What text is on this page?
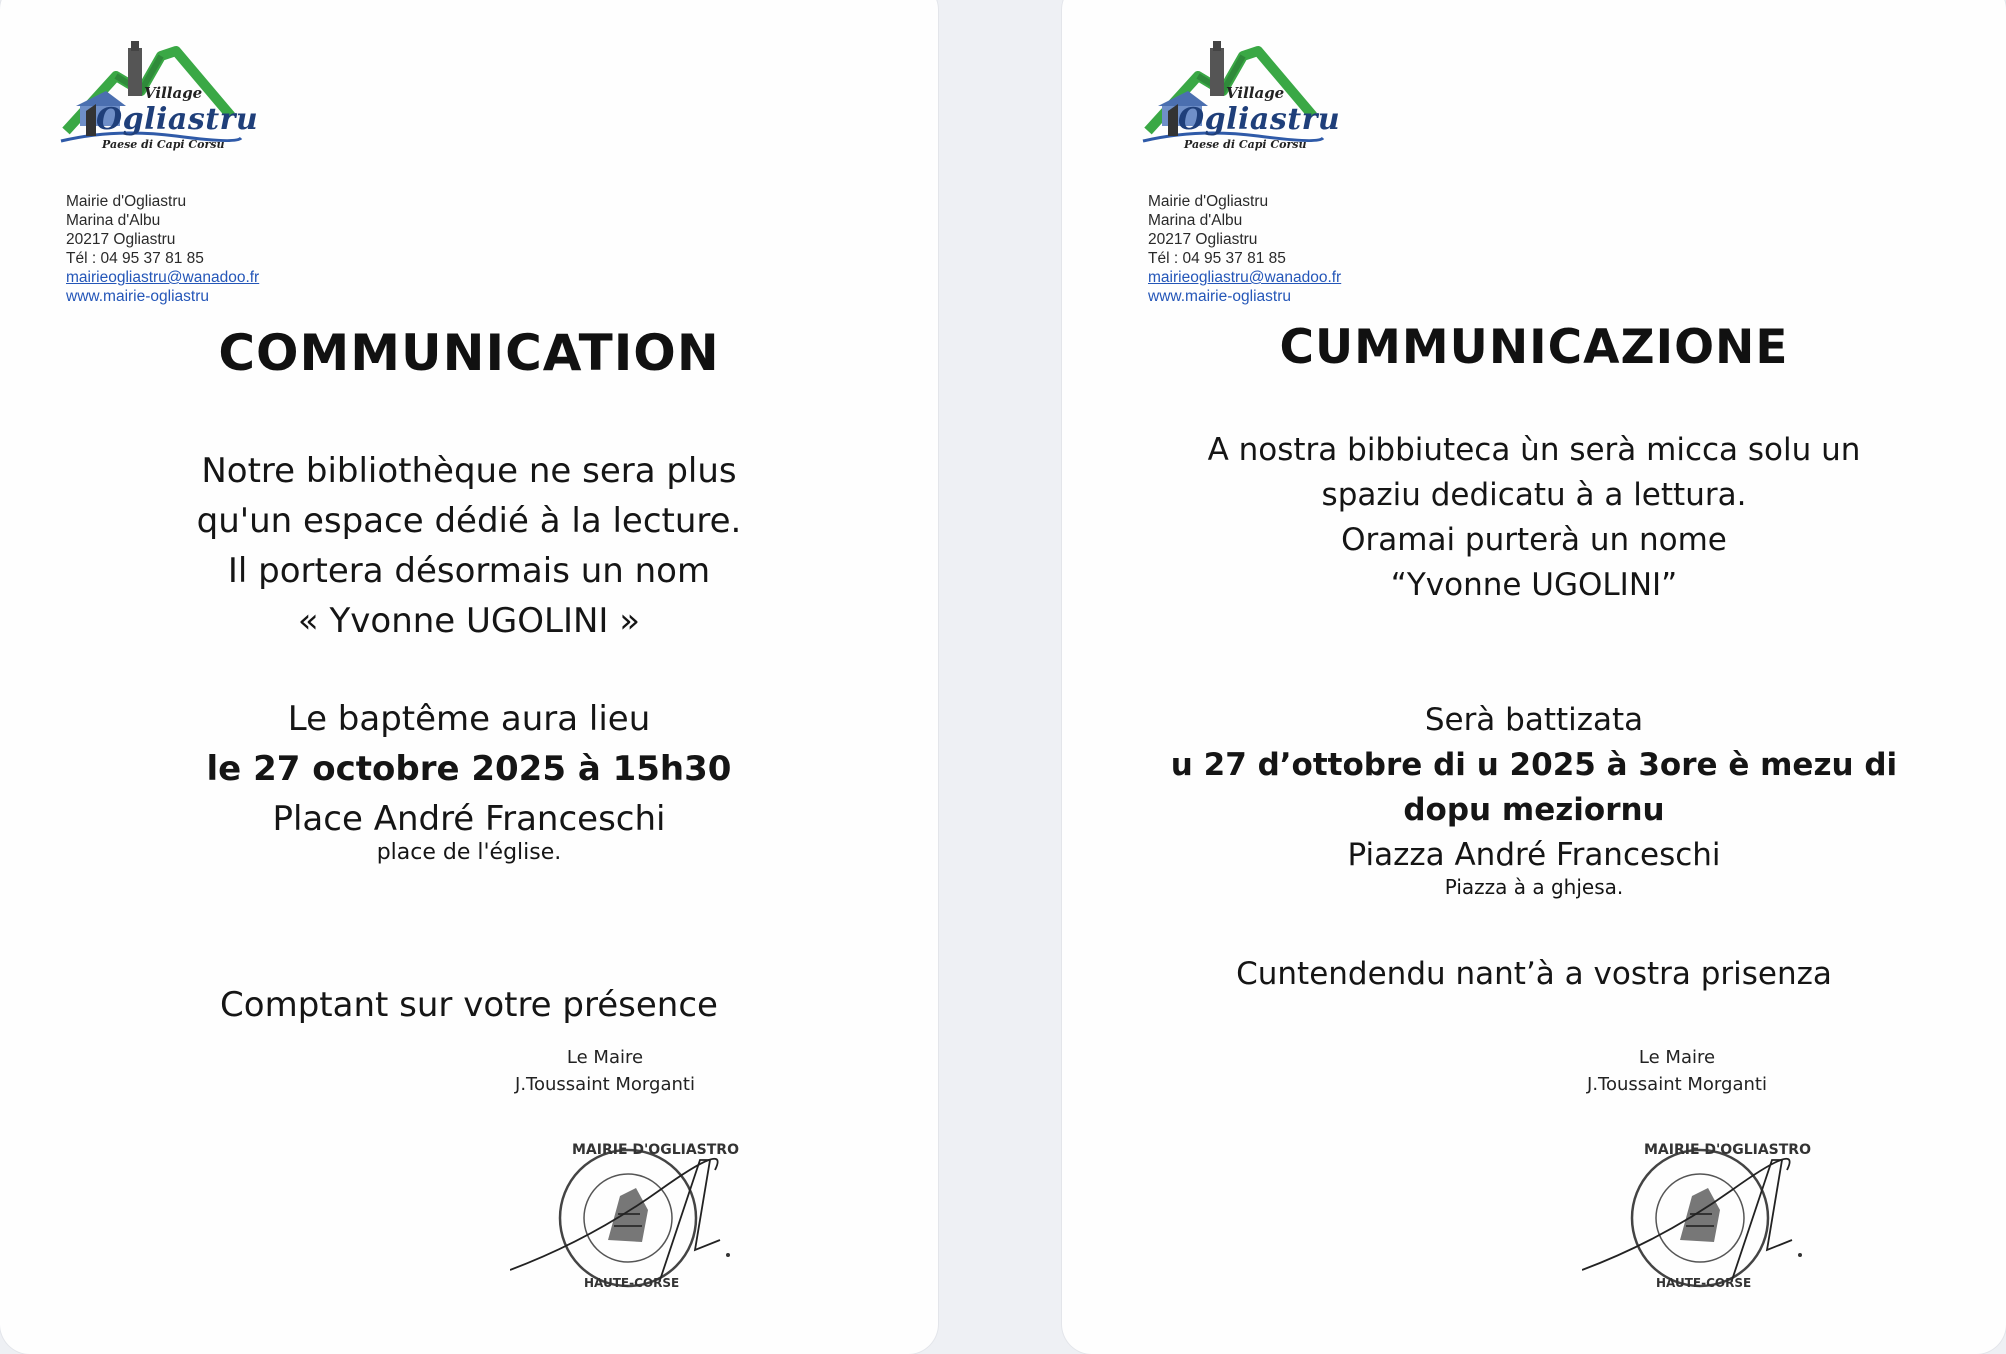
Village
Ogliastru
Paese di Capi Corsu
Mairie d'Ogliastru
Marina d'Albu
20217 Ogliastru
Tél : 04 95 37 81 85
mairieogliastru@wanadoo.fr
www.mairie-ogliastru
COMMUNICATION
Notre bibliothèque ne sera plus
qu'un espace dédié à la lecture.
Il portera désormais un nom
« Yvonne UGOLINI »
Le baptême aura lieu
le 27 octobre 2025 à 15h30
Place André Franceschi
place de l'église.
Comptant sur votre présence
Le Maire
J.Toussaint Morganti
MAIRIE D'OGLIASTRO
HAUTE-CORSE
Village
Ogliastru
Paese di Capi Corsu
Mairie d'Ogliastru
Marina d'Albu
20217 Ogliastru
Tél : 04 95 37 81 85
mairieogliastru@wanadoo.fr
www.mairie-ogliastru
CUMMUNICAZIONE
A nostra bibbiuteca ùn serà micca solu un
spaziu dedicatu à a lettura.
Oramai purterà un nome
“Yvonne UGOLINI”
Serà battizata
u 27 d’ottobre di u 2025 à 3ore è mezu di
dopu meziornu
Piazza André Franceschi
Piazza à a ghjesa.
Cuntendendu nant’à a vostra prisenza
Le Maire
J.Toussaint Morganti
MAIRIE D'OGLIASTRO
HAUTE-CORSE
